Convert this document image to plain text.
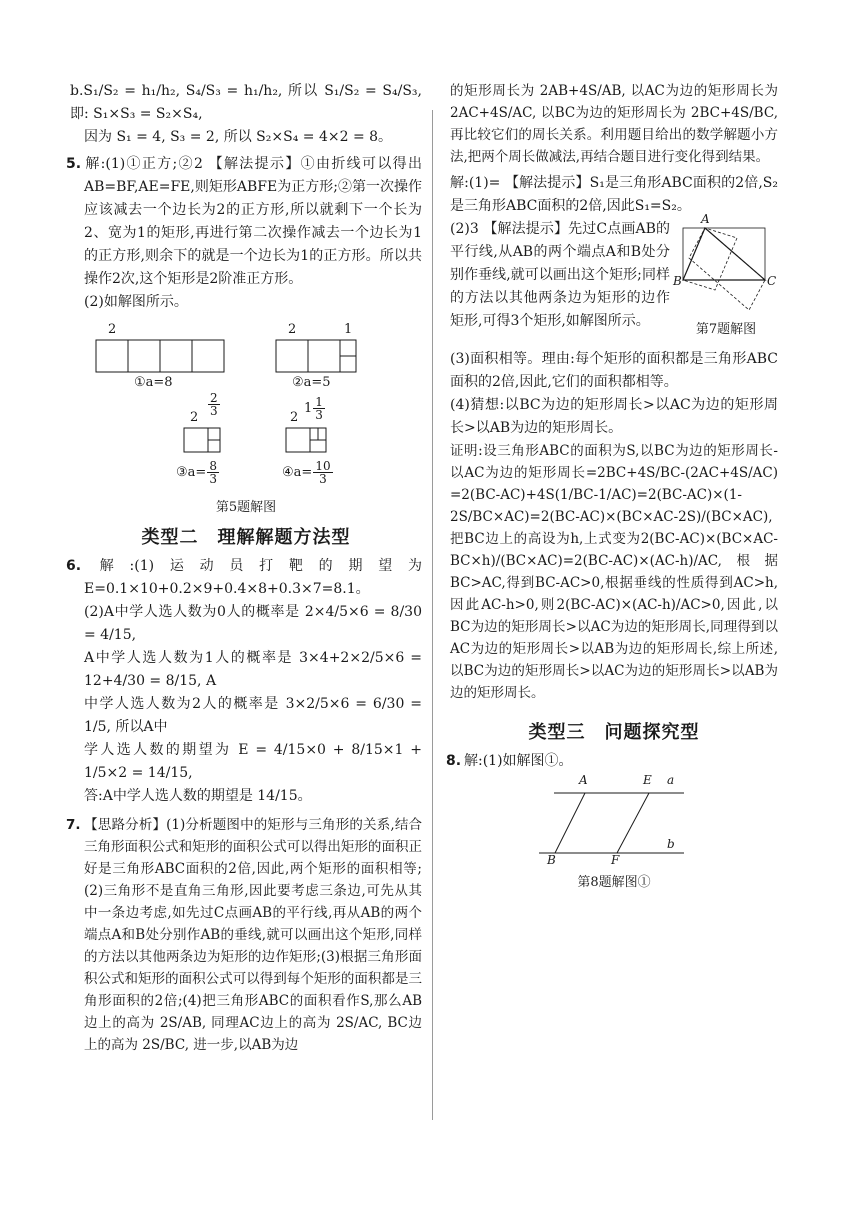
b.S₁/S₂ = h₁/h₂, S₄/S₃ = h₁/h₂, 所以 S₁/S₂ = S₄/S₃, 即: S₁×S₃ = S₂×S₄,

因为 S₁ = 4, S₃ = 2, 所以 S₂×S₄ = 4×2 = 8。

5. 解:(1)①正方;②2 【解法提示】①由折线可以得出AB=BF,AE=FE,则矩形ABFE为正方形;②第一次操作应该减去一个边长为2的正方形,所以就剩下一个长为2、宽为1的矩形,再进行第二次操作减去一个边长为1的正方形,则余下的就是一个边长为1的正方形。所以共操作2次,这个矩形是2阶准正方形。

(2)如解图所示。

2
①a=8
2	1
②a=5
$\frac{2}{3}$
2
③a= $\frac{8}{3}$
2
$1 \frac{1}{3}$
④a= $\frac{10}{3}$
第5题解图
类型二　理解解题方法型

6. 解:(1)运动员打靶的期望为E=0.1×10+0.2×9+0.4×8+0.3×7=8.1。

(2)A中学人选人数为0人的概率是 2×4/5×6 = 8/30 = 4/15,

A中学人选人数为1人的概率是 3×4+2×2/5×6 = 12+4/30 = 8/15, A

中学人选人数为2人的概率是 3×2/5×6 = 6/30 = 1/5, 所以A中

学人选人数的期望为 E = 4/15×0 + 8/15×1 + 1/5×2 = 14/15,

答:A中学人选人数的期望是 14/15。

7. 【思路分析】(1)分析题图中的矩形与三角形的关系,结合三角形面积公式和矩形的面积公式可以得出矩形的面积正好是三角形ABC面积的2倍,因此,两个矩形的面积相等;(2)三角形不是直角三角形,因此要考虑三条边,可先从其中一条边考虑,如先过C点画AB的平行线,再从AB的两个端点A和B处分别作AB的垂线,就可以画出这个矩形,同样的方法以其他两条边为矩形的边作矩形;(3)根据三角形面积公式和矩形的面积公式可以得到每个矩形的面积都是三角形面积的2倍;(4)把三角形ABC的面积看作S,那么AB边上的高为 2S/AB, 同理AC边上的高为 2S/AC, BC边上的高为 2S/BC, 进一步,以AB为边

的矩形周长为 2AB+4S/AB, 以AC为边的矩形周长为 2AC+4S/AC, 以BC为边的矩形周长为 2BC+4S/BC, 再比较它们的周长关系。利用题目给出的数学解题小方法,把两个周长做减法,再结合题目进行变化得到结果。

解:(1)= 【解法提示】S₁是三角形ABC面积的2倍,S₂是三角形ABC面积的2倍,因此S₁=S₂。

(2)3 【解法提示】先过C点画AB的平行线,从AB的两个端点A和B处分别作垂线,就可以画出这个矩形;同样的方法以其他两条边为矩形的边作矩形,可得3个矩形,如解图所示。

A
B	C
第7题解图

(3)面积相等。理由:每个矩形的面积都是三角形ABC面积的2倍,因此,它们的面积都相等。

(4)猜想:以BC为边的矩形周长>以AC为边的矩形周长>以AB为边的矩形周长。

证明:设三角形ABC的面积为S,以BC为边的矩形周长-以AC为边的矩形周长=2BC+4S/BC-(2AC+4S/AC) =2(BC-AC)+4S(1/BC-1/AC)=2(BC-AC)×(1-2S/BC×AC)=2(BC-AC)×(BC×AC-2S)/(BC×AC),把BC边上的高设为h,上式变为2(BC-AC)×(BC×AC-BC×h)/(BC×AC)=2(BC-AC)×(AC-h)/AC,根据BC>AC,得到BC-AC>0,根据垂线的性质得到AC>h,因此AC-h>0,则2(BC-AC)×(AC-h)/AC>0,因此,以BC为边的矩形周长>以AC为边的矩形周长,同理得到以AC为边的矩形周长>以AB为边的矩形周长,综上所述,以BC为边的矩形周长>以AC为边的矩形周长>以AB为边的矩形周长。

类型三　问题探究型

8. 解:(1)如解图①。

A	E a
B	F
b
第8题解图①
